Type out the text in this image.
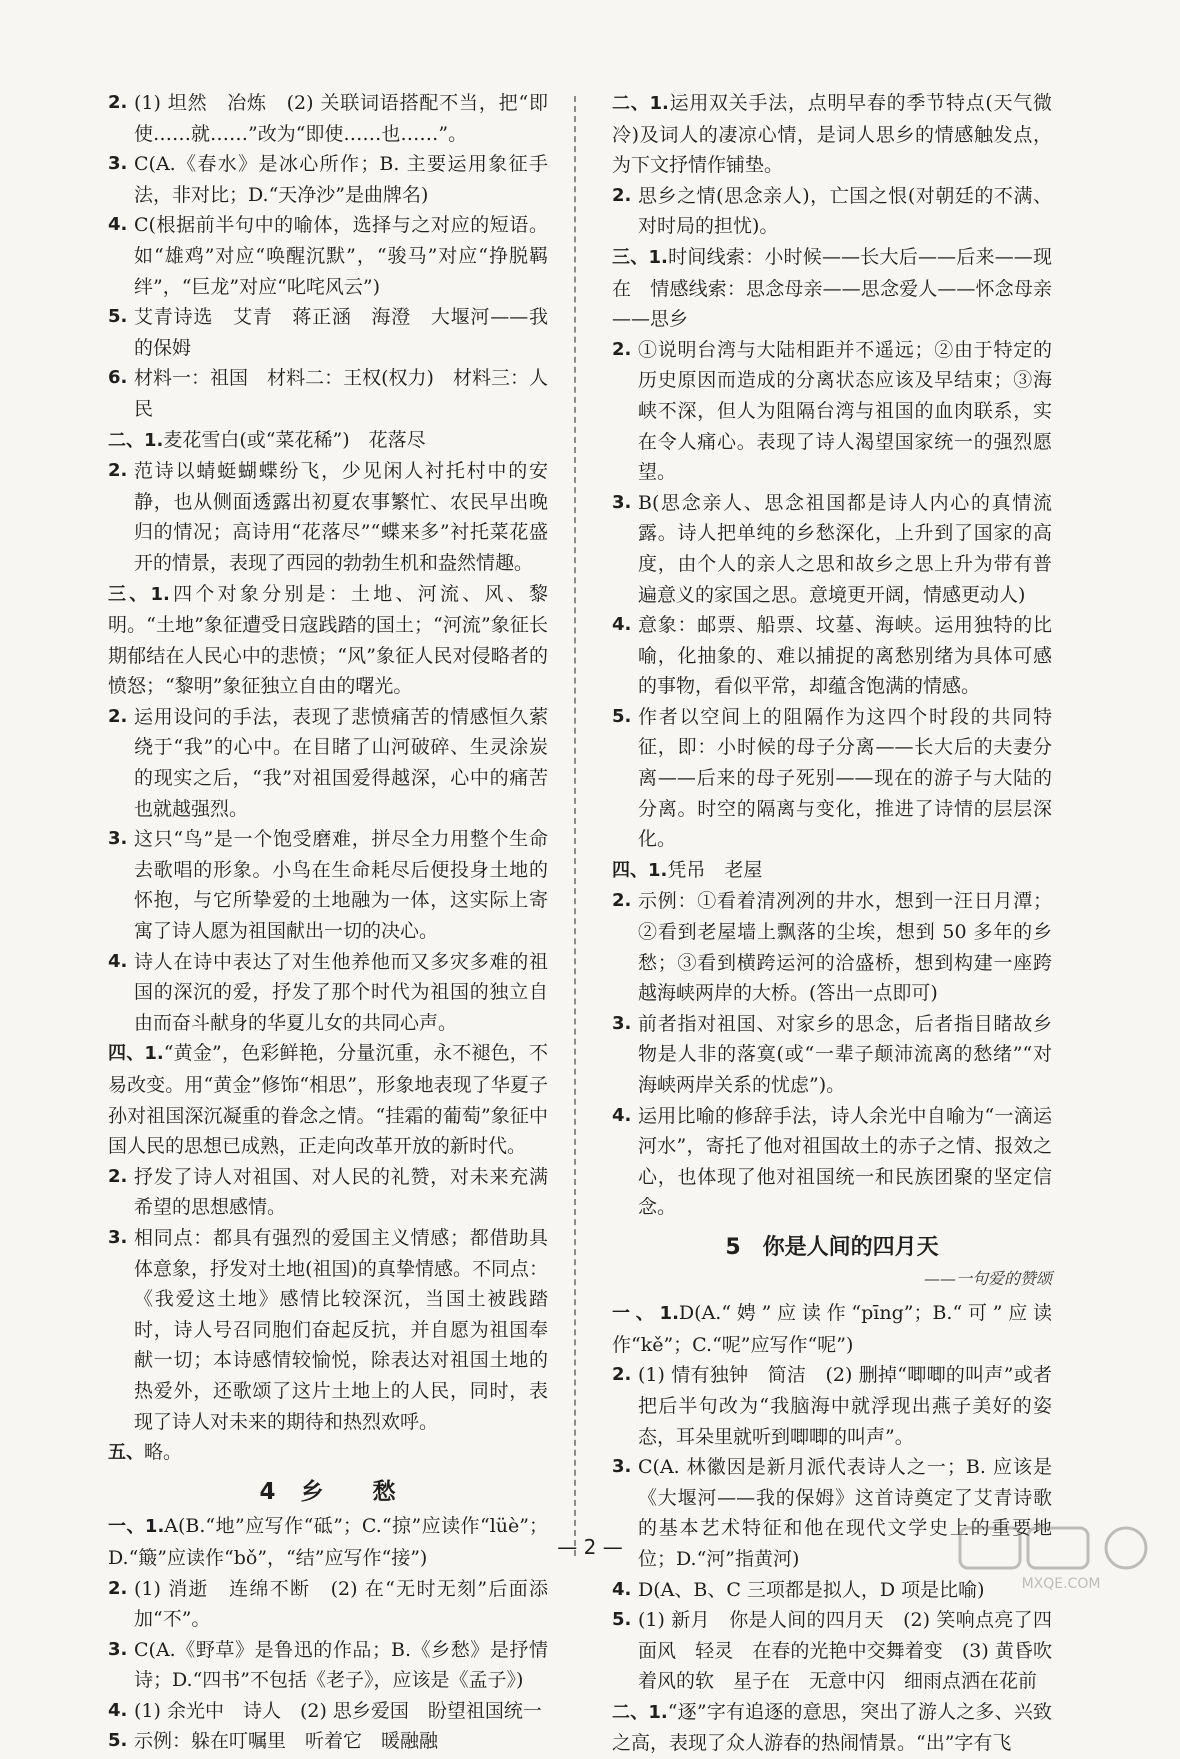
2. (1) 坦然　冶炼　(2) 关联词语搭配不当，把“即使……就……”改为“即使……也……”。

3. C(A.《春水》是冰心所作；B. 主要运用象征手法，非对比；D.“天净沙”是曲牌名)

4. C(根据前半句中的喻体，选择与之对应的短语。如“雄鸡”对应“唤醒沉默”，“骏马”对应“挣脱羁绊”，“巨龙”对应“叱咤风云”)

5. 艾青诗选　艾青　蒋正涵　海澄　大堰河——我的保姆

6. 材料一：祖国　材料二：王权(权力)　材料三：人民

二、1.麦花雪白(或“菜花稀”)　花落尽

2. 范诗以蜻蜓蝴蝶纷飞，少见闲人衬托村中的安静，也从侧面透露出初夏农事繁忙、农民早出晚归的情况；高诗用“花落尽”“蝶来多”衬托菜花盛开的情景，表现了西园的勃勃生机和盎然情趣。

三、1.四个对象分别是：土地、河流、风、黎明。“土地”象征遭受日寇践踏的国土；“河流”象征长期郁结在人民心中的悲愤；“风”象征人民对侵略者的愤怒；“黎明”象征独立自由的曙光。

2. 运用设问的手法，表现了悲愤痛苦的情感恒久萦绕于“我”的心中。在目睹了山河破碎、生灵涂炭的现实之后，“我”对祖国爱得越深，心中的痛苦也就越强烈。

3. 这只“鸟”是一个饱受磨难，拼尽全力用整个生命去歌唱的形象。小鸟在生命耗尽后便投身土地的怀抱，与它所挚爱的土地融为一体，这实际上寄寓了诗人愿为祖国献出一切的决心。

4. 诗人在诗中表达了对生他养他而又多灾多难的祖国的深沉的爱，抒发了那个时代为祖国的独立自由而奋斗献身的华夏儿女的共同心声。

四、1.“黄金”，色彩鲜艳，分量沉重，永不褪色，不易改变。用“黄金”修饰“相思”，形象地表现了华夏子孙对祖国深沉凝重的眷念之情。“挂霜的葡萄”象征中国人民的思想已成熟，正走向改革开放的新时代。

2. 抒发了诗人对祖国、对人民的礼赞，对未来充满希望的思想感情。

3. 相同点：都具有强烈的爱国主义情感；都借助具体意象，抒发对土地(祖国)的真挚情感。不同点：《我爱这土地》感情比较深沉，当国土被践踏时，诗人号召同胞们奋起反抗，并自愿为祖国奉献一切；本诗感情较愉悦，除表达对祖国土地的热爱外，还歌颂了这片土地上的人民，同时，表现了诗人对未来的期待和热烈欢呼。

五、略。

4　乡　　愁

一、1.A(B.“地”应写作“砥”；C.“掠”应读作“lüè”；D.“簸”应读作“bǒ”，“结”应写作“接”)

2. (1) 消逝　连绵不断　(2) 在“无时无刻”后面添加“不”。

3. C(A.《野草》是鲁迅的作品；B.《乡愁》是抒情诗；D.“四书”不包括《老子》，应该是《孟子》)

4. (1) 余光中　诗人　(2) 思乡爱国　盼望祖国统一

5. 示例：躲在叮嘱里　听着它　暖融融

二、1.运用双关手法，点明早春的季节特点(天气微冷)及词人的凄凉心情，是词人思乡的情感触发点，为下文抒情作铺垫。

2. 思乡之情(思念亲人)，亡国之恨(对朝廷的不满、对时局的担忧)。

三、1.时间线索：小时候——长大后——后来——现在　情感线索：思念母亲——思念爱人——怀念母亲——思乡

2. ①说明台湾与大陆相距并不遥远；②由于特定的历史原因而造成的分离状态应该及早结束；③海峡不深，但人为阻隔台湾与祖国的血肉联系，实在令人痛心。表现了诗人渴望国家统一的强烈愿望。

3. B(思念亲人、思念祖国都是诗人内心的真情流露。诗人把单纯的乡愁深化，上升到了国家的高度，由个人的亲人之思和故乡之思上升为带有普遍意义的家国之思。意境更开阔，情感更动人)

4. 意象：邮票、船票、坟墓、海峡。运用独特的比喻，化抽象的、难以捕捉的离愁别绪为具体可感的事物，看似平常，却蕴含饱满的情感。

5. 作者以空间上的阻隔作为这四个时段的共同特征，即：小时候的母子分离——长大后的夫妻分离——后来的母子死别——现在的游子与大陆的分离。时空的隔离与变化，推进了诗情的层层深化。

四、1.凭吊　老屋

2. 示例：①看着清冽冽的井水，想到一汪日月潭；②看到老屋墙上飘落的尘埃，想到 50 多年的乡愁；③看到横跨运河的洽盛桥，想到构建一座跨越海峡两岸的大桥。(答出一点即可)

3. 前者指对祖国、对家乡的思念，后者指目睹故乡物是人非的落寞(或“一辈子颠沛流离的愁绪”“对海峡两岸关系的忧虑”)。

4. 运用比喻的修辞手法，诗人余光中自喻为“一滴运河水”，寄托了他对祖国故土的赤子之情、报效之心，也体现了他对祖国统一和民族团聚的坚定信念。

5　你是人间的四月天
——一句爱的赞颂

一、1.D(A.“娉”应读作“pīng”；B.“可”应读作“kě”；C.“呢”应写作“呢”)

2. (1) 情有独钟　简洁　(2) 删掉“唧唧的叫声”或者把后半句改为“我脑海中就浮现出燕子美好的姿态，耳朵里就听到唧唧的叫声”。

3. C(A. 林徽因是新月派代表诗人之一；B. 应该是《大堰河——我的保姆》这首诗奠定了艾青诗歌的基本艺术特征和他在现代文学史上的重要地位；D.“河”指黄河)

4. D(A、B、C 三项都是拟人，D 项是比喻)

5. (1) 新月　你是人间的四月天　(2) 笑响点亮了四面风　轻灵　在春的光艳中交舞着变　(3) 黄昏吹着风的软　星子在　无意中闪　细雨点洒在花前

二、1.“逐”字有追逐的意思，突出了游人之多、兴致之高，表现了众人游春的热闹情景。“出”字有飞

— 2 —
MXQE.COM
